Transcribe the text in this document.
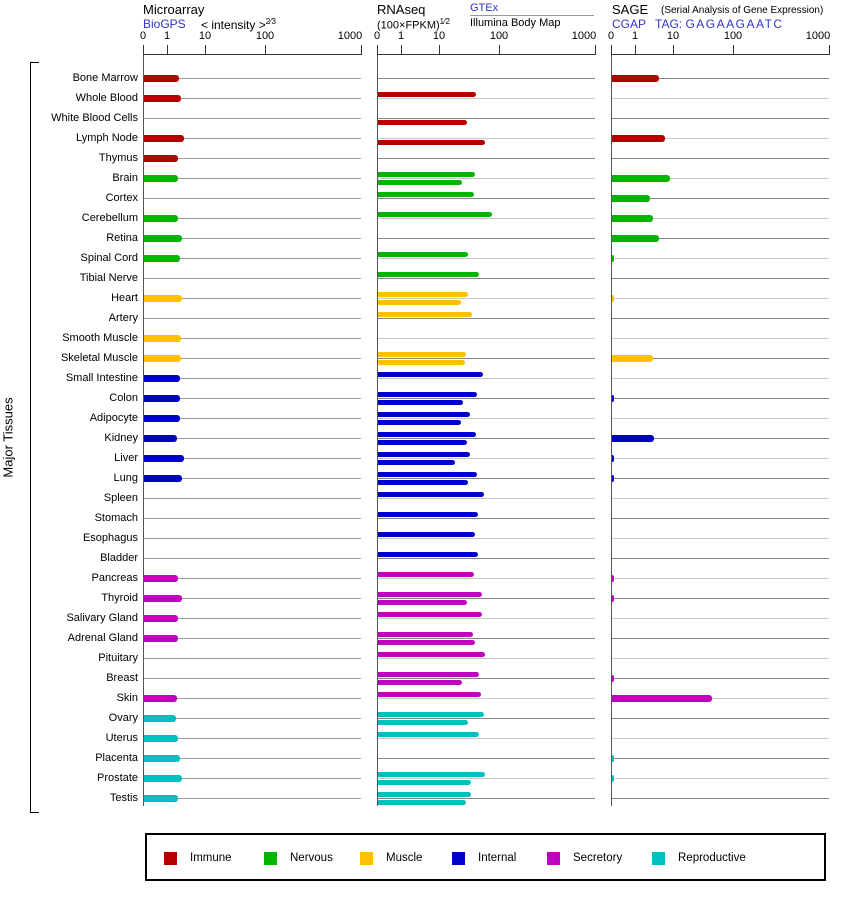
Microarray
BioGPS < intensity >$^{2⁄3}$
RNAseq
(100×FPKM)$^{1⁄2}$
GTEx
Illumina Body Map
SAGE (Serial Analysis of Gene Expression)
CGAP TAG: GAGAAGAATC
Major Tissues
0 1	10	100	1000 0 1	10	100	1000 0 1	10	100	1000
Bone Marrow
Whole Blood
White Blood Cells
Lymph Node
Thymus
Brain
Cortex
Cerebellum
Retina
Spinal Cord
Tibial Nerve
Heart
Artery
Smooth Muscle
Skeletal Muscle
Small Intestine
Colon
Adipocyte
Kidney
Liver
Lung
Spleen
Stomach
Esophagus
Bladder
Pancreas
Thyroid
Salivary Gland
Adrenal Gland
Pituitary
Breast
Skin
Ovary
Uterus
Placenta
Prostate
Testis
Immune	Nervous	Muscle	Internal	Secretory	Reproductive
